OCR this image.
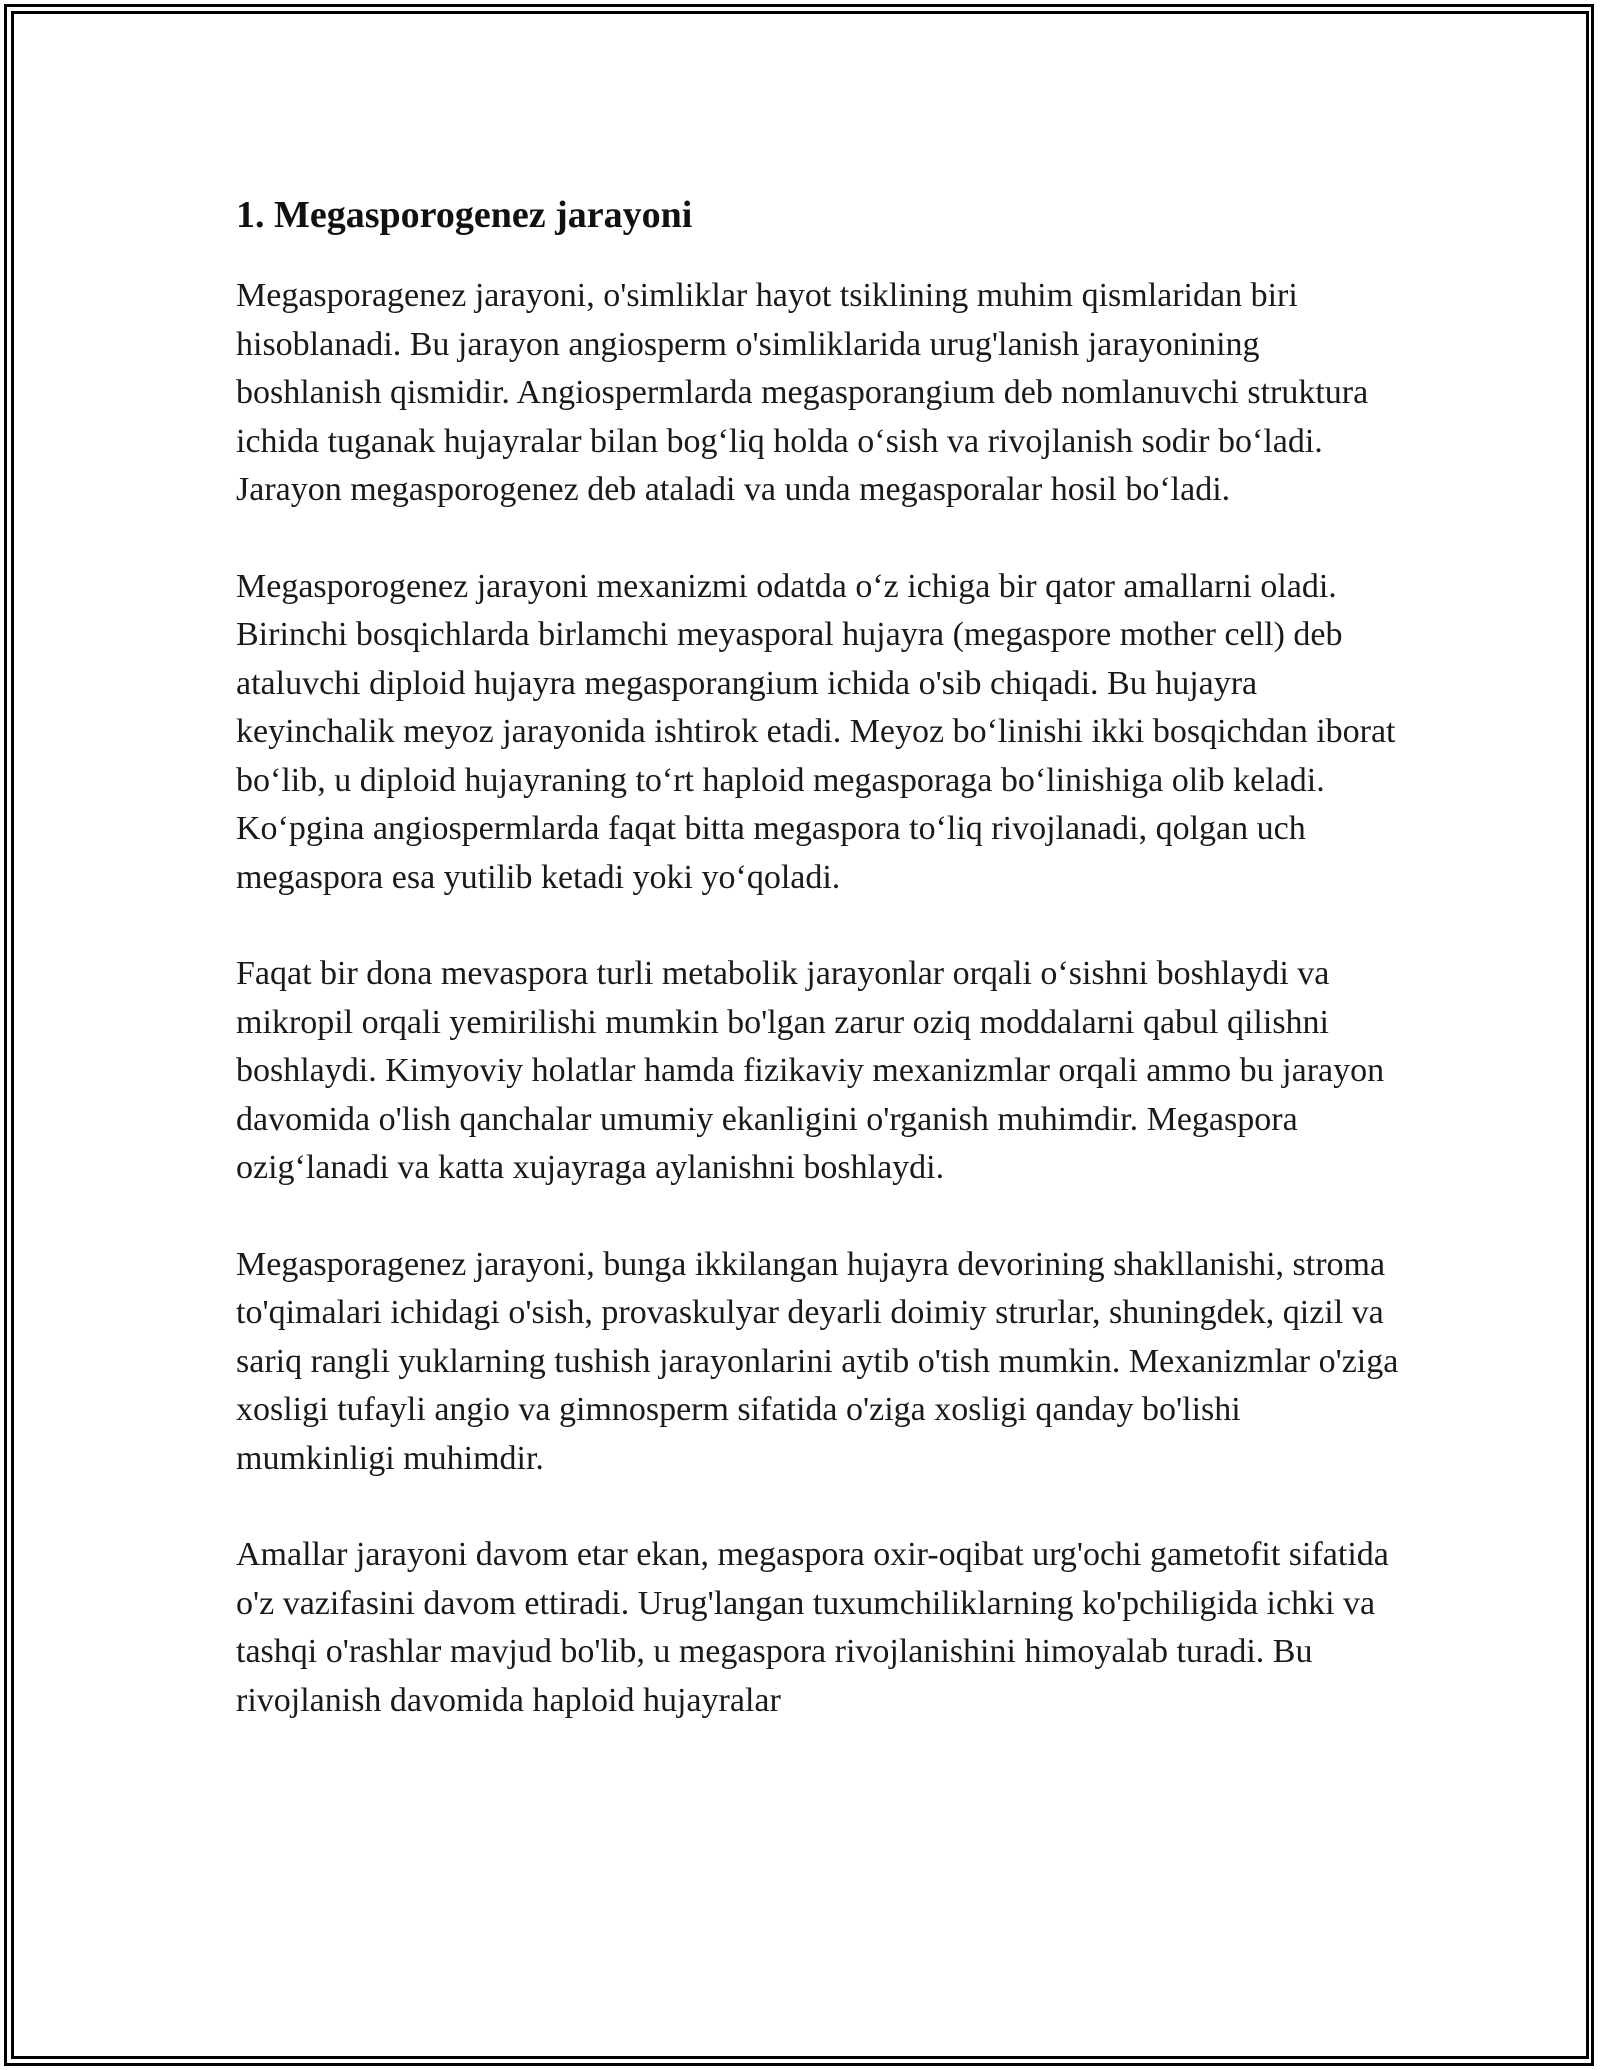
1. Megasporogenez jarayoni

Megasporagenez jarayoni, o'simliklar hayot tsiklining muhim qismlaridan biri hisoblanadi. Bu jarayon angiosperm o'simliklarida urug'lanish jarayonining boshlanish qismidir. Angiospermlarda megasporangium deb nomlanuvchi struktura ichida tuganak hujayralar bilan bog‘liq holda o‘sish va rivojlanish sodir bo‘ladi. Jarayon megasporogenez deb ataladi va unda megasporalar hosil bo‘ladi.

Megasporogenez jarayoni mexanizmi odatda o‘z ichiga bir qator amallarni oladi. Birinchi bosqichlarda birlamchi meyasporal hujayra (megaspore mother cell) deb ataluvchi diploid hujayra megasporangium ichida o'sib chiqadi. Bu hujayra keyinchalik meyoz jarayonida ishtirok etadi. Meyoz bo‘linishi ikki bosqichdan iborat bo‘lib, u diploid hujayraning to‘rt haploid megasporaga bo‘linishiga olib keladi. Ko‘pgina angiospermlarda faqat bitta megaspora to‘liq rivojlanadi, qolgan uch megaspora esa yutilib ketadi yoki yo‘qoladi.

Faqat bir dona mevaspora turli metabolik jarayonlar orqali o‘sishni boshlaydi va mikropil orqali yemirilishi mumkin bo'lgan zarur oziq moddalarni qabul qilishni boshlaydi. Kimyoviy holatlar hamda fizikaviy mexanizmlar orqali ammo bu jarayon davomida o'lish qanchalar umumiy ekanligini o'rganish muhimdir. Megaspora ozig‘lanadi va katta xujayraga aylanishni boshlaydi.

Megasporagenez jarayoni, bunga ikkilangan hujayra devorining shakllanishi, stroma to'qimalari ichidagi o'sish, provaskulyar deyarli doimiy strurlar, shuningdek, qizil va sariq rangli yuklarning tushish jarayonlarini aytib o'tish mumkin. Mexanizmlar o'ziga xosligi tufayli angio va gimnosperm sifatida o'ziga xosligi qanday bo'lishi mumkinligi muhimdir.

Amallar jarayoni davom etar ekan, megaspora oxir-oqibat urg'ochi gametofit sifatida o'z vazifasini davom ettiradi. Urug'langan tuxumchiliklarning ko'pchiligida ichki va tashqi o'rashlar mavjud bo'lib, u megaspora rivojlanishini himoyalab turadi. Bu rivojlanish davomida haploid hujayralar
